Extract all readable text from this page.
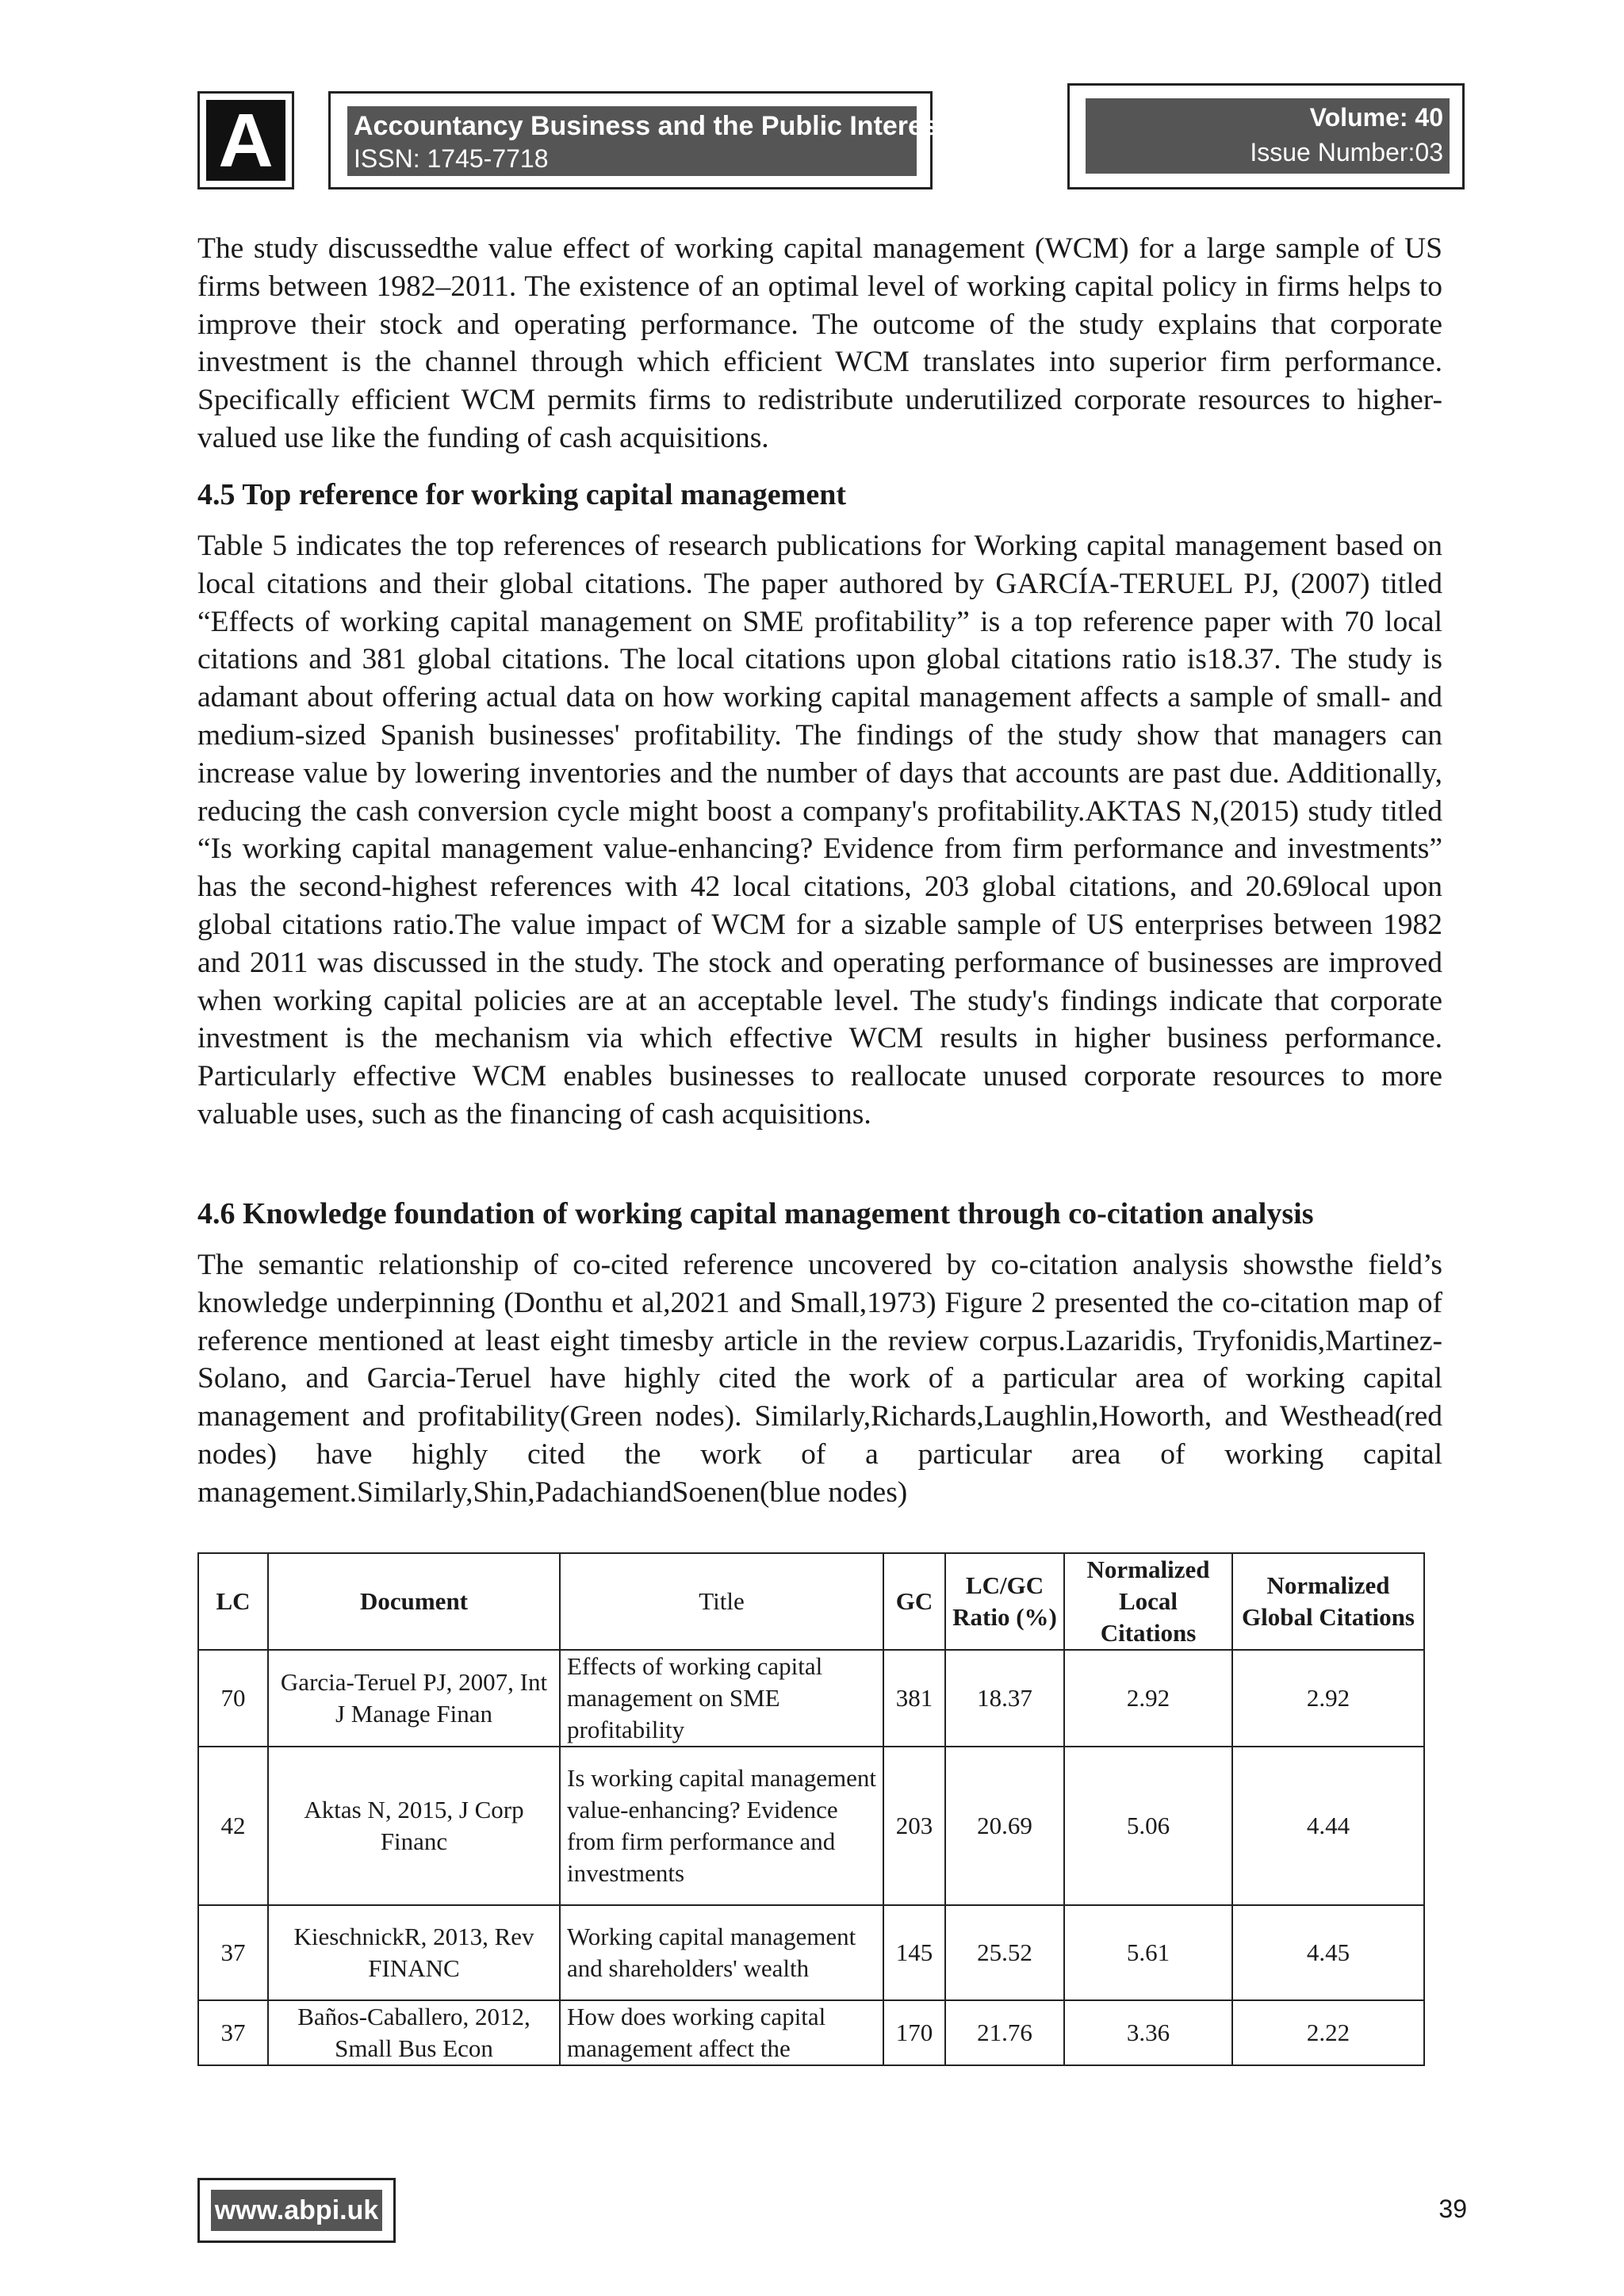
A	Accountancy Business and the Public Interest
ISSN: 1745-7718
Volume: 40
Issue Number:03

The study discussedthe value effect of working capital management (WCM) for a large sample of US firms between 1982–2011. The existence of an optimal level of working capital policy in firms helps to improve their stock and operating performance. The outcome of the study explains that corporate investment is the channel through which efficient WCM translates into superior firm performance. Specifically efficient WCM permits firms to redistribute underutilized corporate resources to higher-valued use like the funding of cash acquisitions.

4.5 Top reference for working capital management

Table 5 indicates the top references of research publications for Working capital management based on local citations and their global citations. The paper authored by GARCÍA-TERUEL PJ, (2007) titled “Effects of working capital management on SME profitability” is a top reference paper with 70 local citations and 381 global citations. The local citations upon global citations ratio is18.37. The study is adamant about offering actual data on how working capital management affects a sample of small- and medium-sized Spanish businesses' profitability. The findings of the study show that managers can increase value by lowering inventories and the number of days that accounts are past due. Additionally, reducing the cash conversion cycle might boost a company's profitability.AKTAS N,(2015) study titled “Is working capital management value-enhancing? Evidence from firm performance and investments” has the second-highest references with 42 local citations, 203 global citations, and 20.69local upon global citations ratio.The value impact of WCM for a sizable sample of US enterprises between 1982 and 2011 was discussed in the study. The stock and operating performance of businesses are improved when working capital policies are at an acceptable level. The study's findings indicate that corporate investment is the mechanism via which effective WCM results in higher business performance. Particularly effective WCM enables businesses to reallocate unused corporate resources to more valuable uses, such as the financing of cash acquisitions.

4.6 Knowledge foundation of working capital management through co-citation analysis

The semantic relationship of co-cited reference uncovered by co-citation analysis showsthe field’s knowledge underpinning (Donthu et al,2021 and Small,1973) Figure 2 presented the co-citation map of reference mentioned at least eight timesby article in the review corpus.Lazaridis, Tryfonidis,Martinez-Solano, and Garcia-Teruel have highly cited the work of a particular area of working capital management and profitability(Green nodes). Similarly,Richards,Laughlin,Howorth, and Westhead(red nodes) have highly cited the work of a particular area of working capital management.Similarly,Shin,PadachiandSoenen(blue nodes)

LC	Document	Title	GC	LC/GC Ratio (%)	Normalized Local Citations	Normalized Global Citations
70	Garcia-Teruel PJ, 2007, Int J Manage Finan	Effects of working capital management on SME profitability	381	18.37	2.92	2.92
42	Aktas N, 2015, J Corp Financ	Is working capital management value-enhancing? Evidence from firm performance and investments	203	20.69	5.06	4.44
37	KieschnickR, 2013, Rev FINANC	Working capital management and shareholders' wealth	145	25.52	5.61	4.45
37	Baños-Caballero, 2012, Small Bus Econ	How does working capital management affect the	170	21.76	3.36	2.22
www.abpi.uk	39
